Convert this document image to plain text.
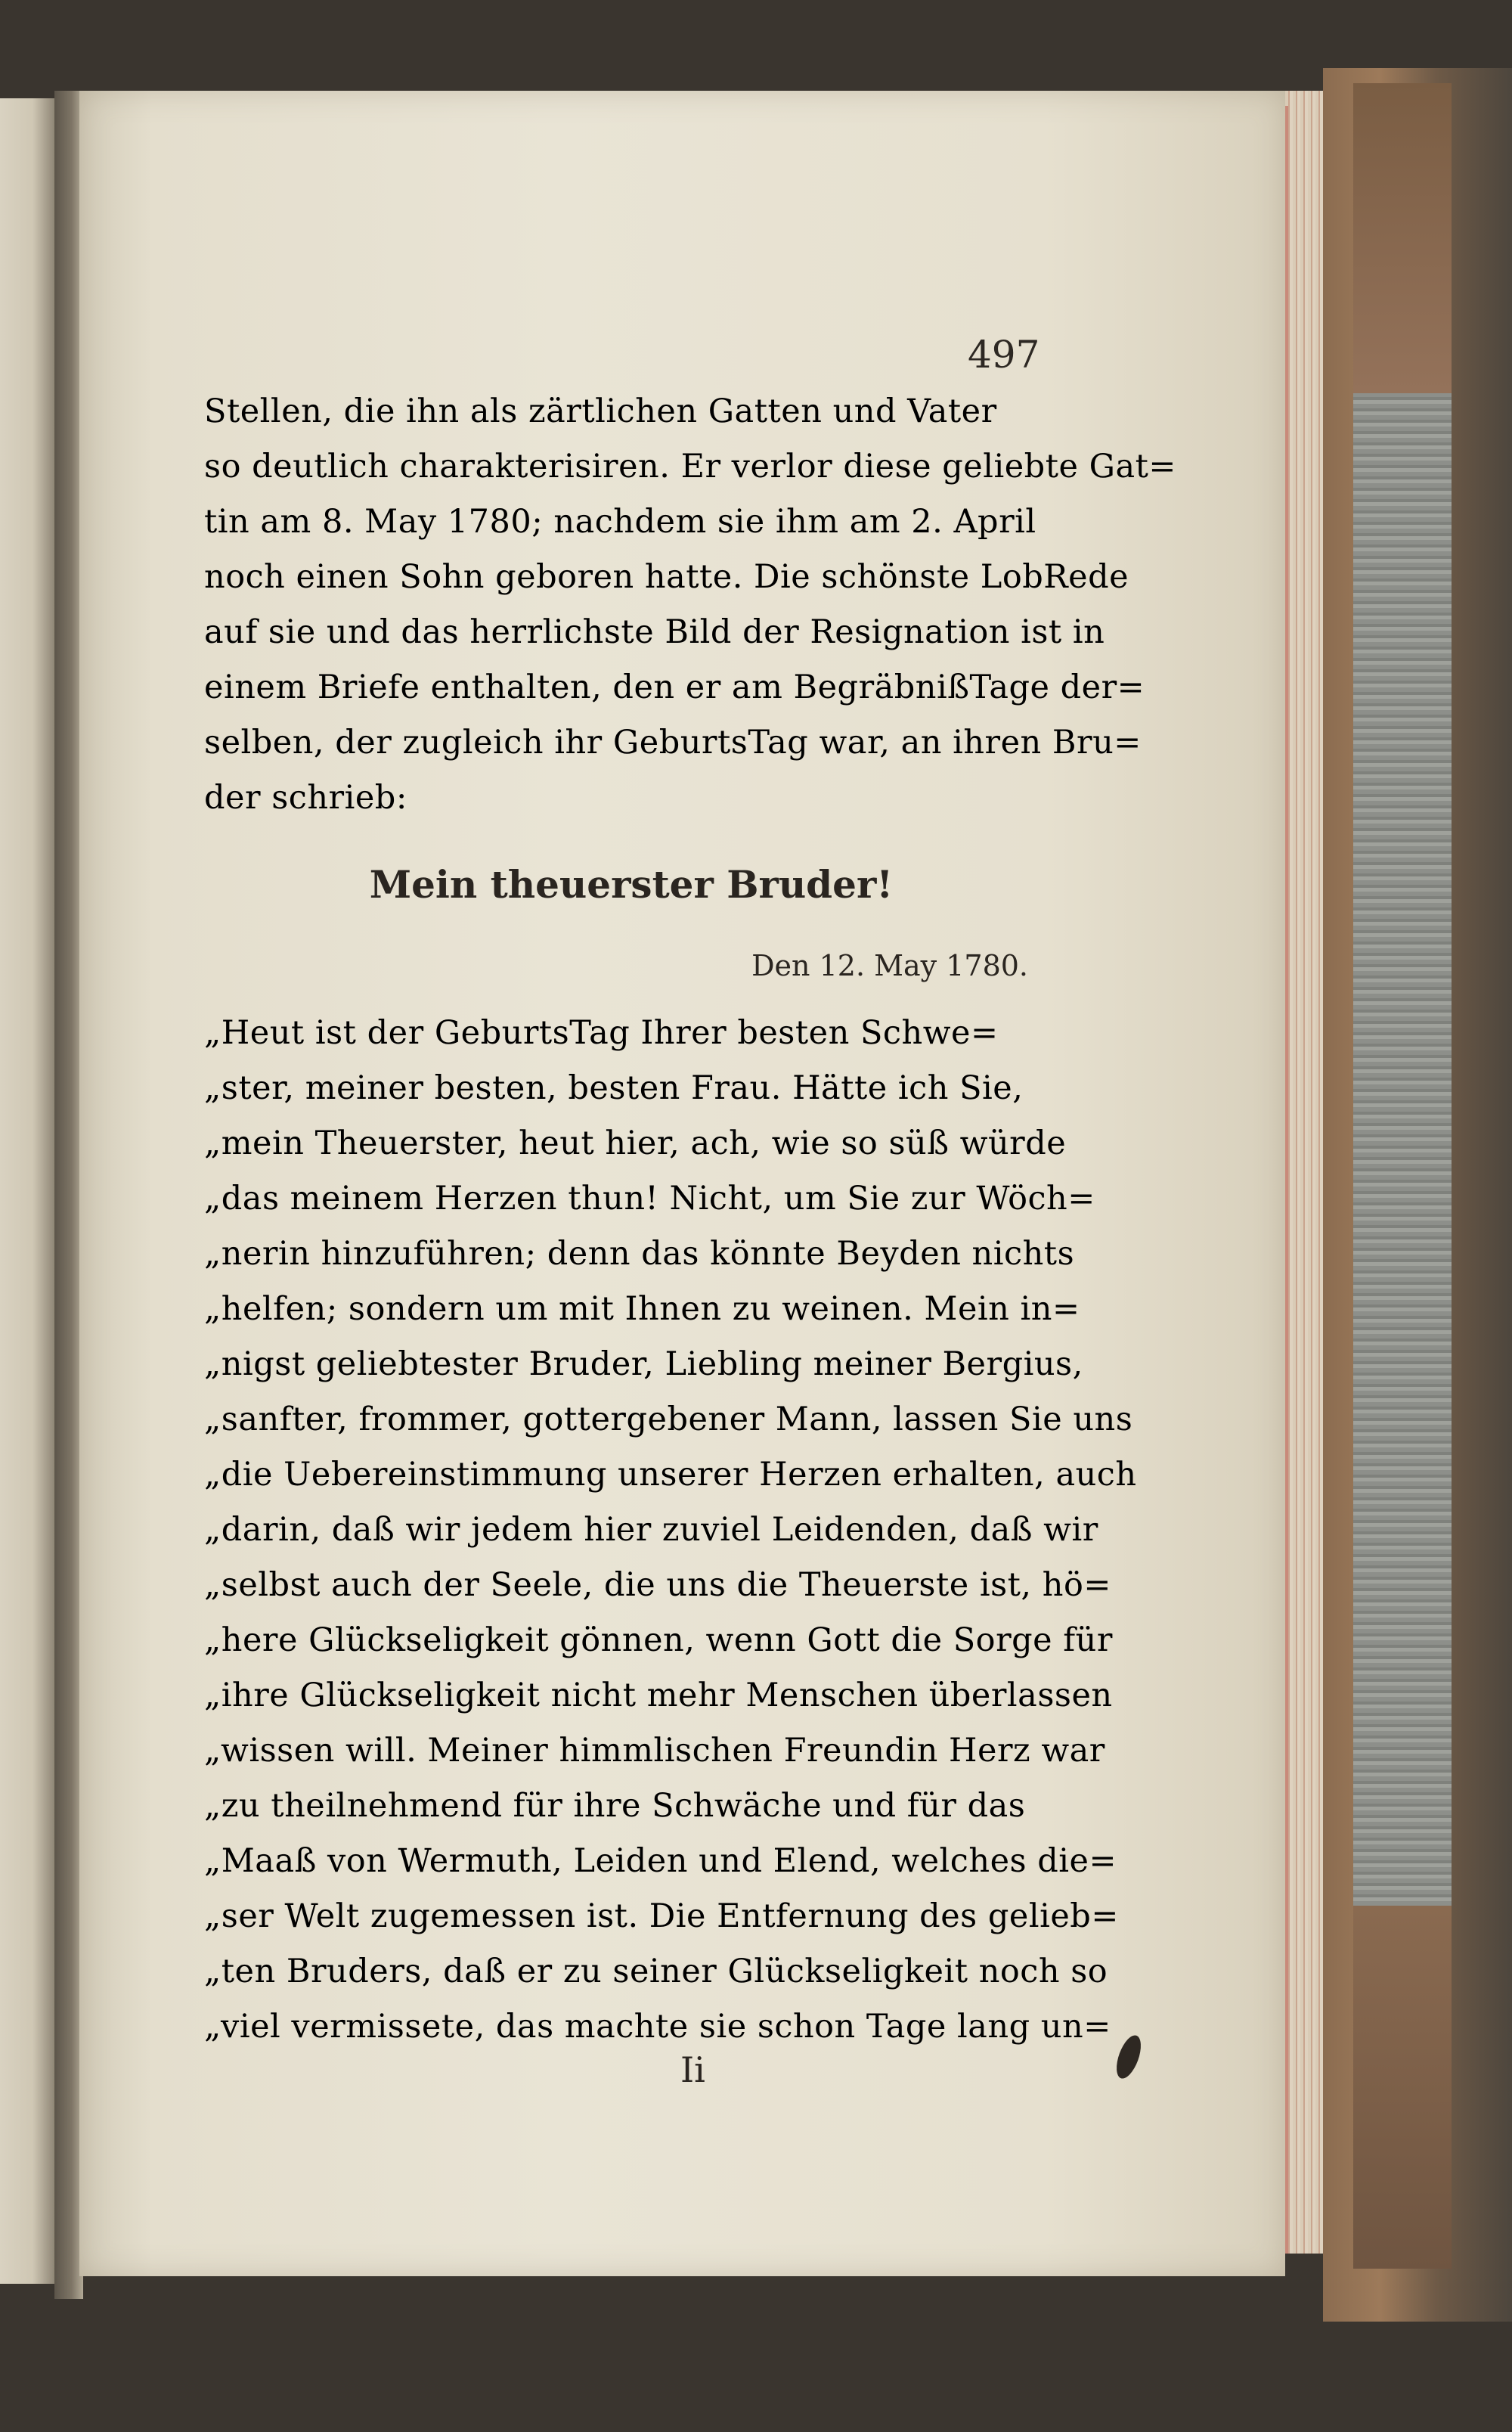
497
Stellen, die ihn als zärtlichen Gatten und Vater
so deutlich charakterisiren. Er verlor diese geliebte Gat=
tin am 8. May 1780; nachdem sie ihm am 2. April
noch einen Sohn geboren hatte. Die schönste LobRede
auf sie und das herrlichste Bild der Resignation ist in
einem Briefe enthalten, den er am BegräbnißTage der=
selben, der zugleich ihr GeburtsTag war, an ihren Bru=
der schrieb:
Mein theuerster Bruder!
Den 12. May 1780.
„Heut ist der GeburtsTag Ihrer besten Schwe=
„ster, meiner besten, besten Frau. Hätte ich Sie,
„mein Theuerster, heut hier, ach, wie so süß würde
„das meinem Herzen thun! Nicht, um Sie zur Wöch=
„nerin hinzuführen; denn das könnte Beyden nichts
„helfen; sondern um mit Ihnen zu weinen. Mein in=
„nigst geliebtester Bruder, Liebling meiner Bergius,
„sanfter, frommer, gottergebener Mann, lassen Sie uns
„die Uebereinstimmung unserer Herzen erhalten, auch
„darin, daß wir jedem hier zuviel Leidenden, daß wir
„selbst auch der Seele, die uns die Theuerste ist, hö=
„here Glückseligkeit gönnen, wenn Gott die Sorge für
„ihre Glückseligkeit nicht mehr Menschen überlassen
„wissen will. Meiner himmlischen Freundin Herz war
„zu theilnehmend für ihre Schwäche und für das
„Maaß von Wermuth, Leiden und Elend, welches die=
„ser Welt zugemessen ist. Die Entfernung des gelieb=
„ten Bruders, daß er zu seiner Glückseligkeit noch so
„viel vermissete, das machte sie schon Tage lang un=
Ii
